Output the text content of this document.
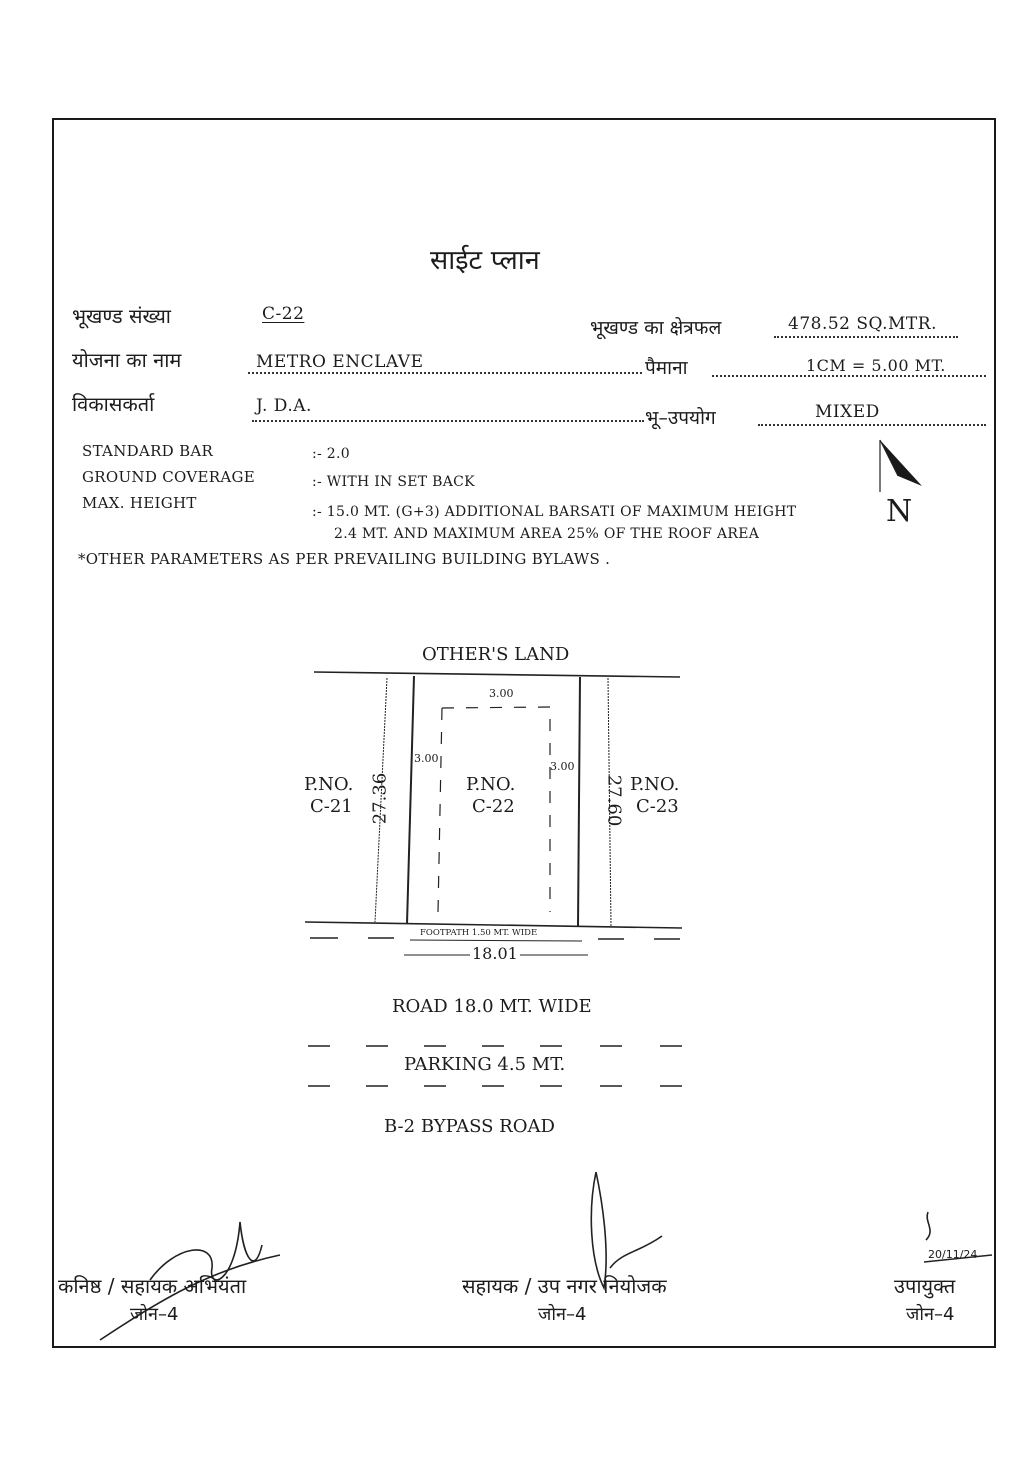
साईट प्लान
भूखण्ड संख्या	C-22
भूखण्ड का क्षेत्रफल	478.52 SQ.MTR.
योजना का नाम	METRO ENCLAVE	पैमाना	1CM = 5.00 MT.
विकासकर्ता	J. D.A.
भू–उपयोग	MIXED
STANDARD BAR	:- 2.0
GROUND COVERAGE	:- WITH IN SET BACK
MAX. HEIGHT	:- 15.0 MT. (G+3) ADDITIONAL BARSATI OF MAXIMUM HEIGHT
2.4 MT. AND MAXIMUM AREA 25% OF THE ROOF AREA
*OTHER PARAMETERS AS PER PREVAILING BUILDING BYLAWS .
N
OTHER'S LAND
3.00
3.00
3.00
P.NO.
C-21
P.NO.
C-22
P.NO.
C-23
27.36	27.60
FOOTPATH 1.50 MT. WIDE
18.01
ROAD 18.0 MT. WIDE
PARKING 4.5 MT.
B-2 BYPASS ROAD
कनिष्ठ / सहायक अभियंता
जोन–4
सहायक / उप नगर नियोजक
जोन–4
उपायुक्त
जोन–4
20/11/24
